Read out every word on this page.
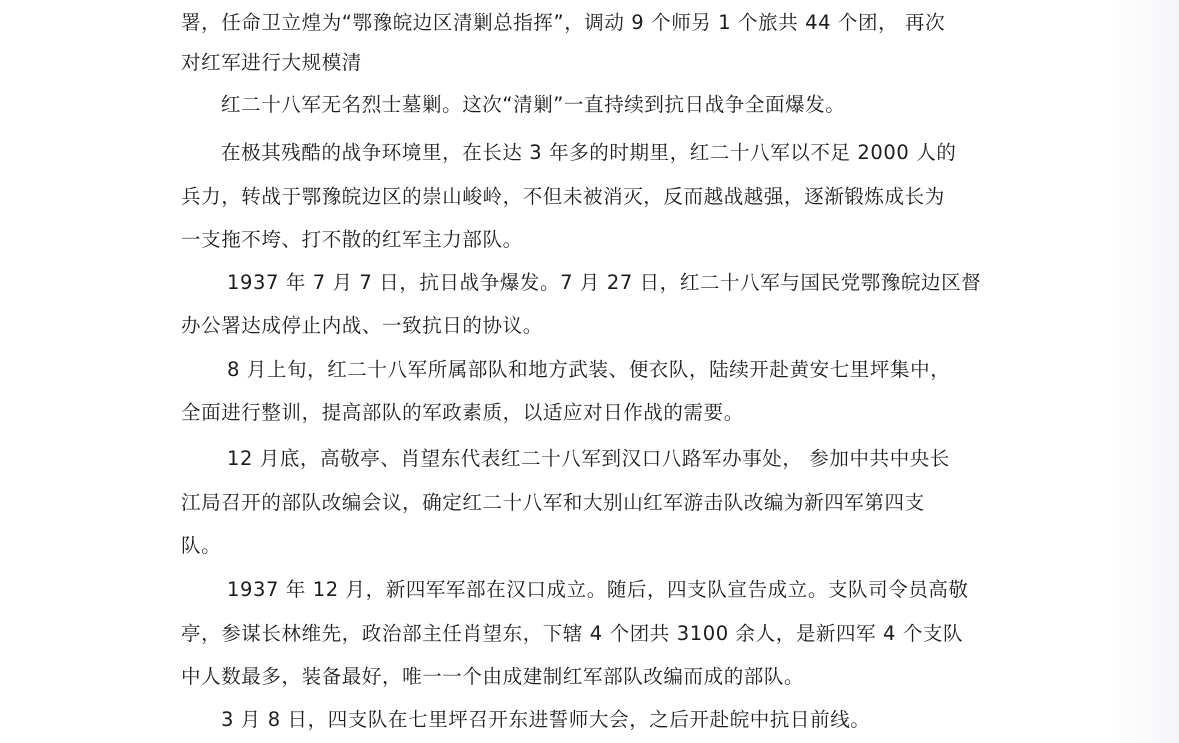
署，任命卫立煌为“鄂豫皖边区清剿总指挥”，调动 9 个师另 1 个旅共 44 个团， 再次
对红军进行大规模清
红二十八军无名烈士墓剿。这次“清剿”一直持续到抗日战争全面爆发。
在极其残酷的战争环境里，在长达 3 年多的时期里，红二十八军以不足 2000 人的
兵力，转战于鄂豫皖边区的崇山峻岭，不但未被消灭，反而越战越强，逐渐锻炼成长为
一支拖不垮、打不散的红军主力部队。
1937 年 7 月 7 日，抗日战争爆发。7 月 27 日，红二十八军与国民党鄂豫皖边区督
办公署达成停止内战、一致抗日的协议。
8 月上旬，红二十八军所属部队和地方武装、便衣队，陆续开赴黄安七里坪集中，
全面进行整训，提高部队的军政素质，以适应对日作战的需要。
12 月底，高敬亭、肖望东代表红二十八军到汉口八路军办事处， 参加中共中央长
江局召开的部队改编会议，确定红二十八军和大别山红军游击队改编为新四军第四支
队。
1937 年 12 月，新四军军部在汉口成立。随后，四支队宣告成立。支队司令员高敬
亭，参谋长林维先，政治部主任肖望东，下辖 4 个团共 3100 余人，是新四军 4 个支队
中人数最多，装备最好，唯一一个由成建制红军部队改编而成的部队。
3 月 8 日，四支队在七里坪召开东进誓师大会，之后开赴皖中抗日前线。
